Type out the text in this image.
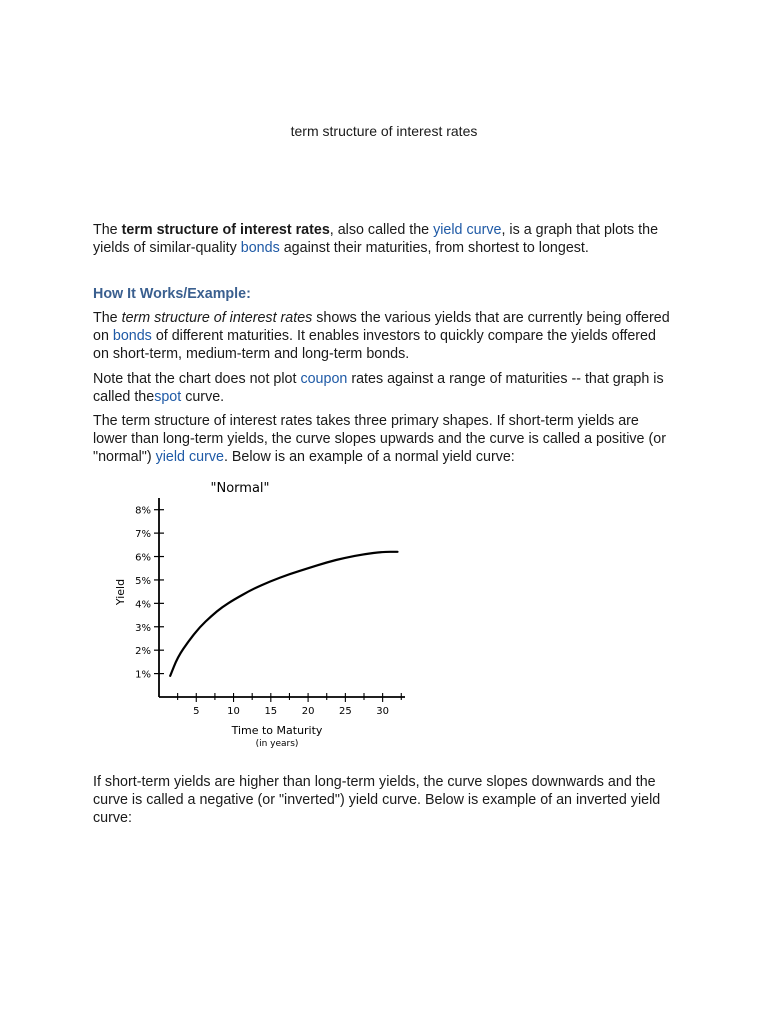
term structure of interest rates

The term structure of interest rates, also called the yield curve, is a graph that plots the yields of similar-quality bonds against their maturities, from shortest to longest.

How It Works/Example:

The term structure of interest rates shows the various yields that are currently being offered on bonds of different maturities. It enables investors to quickly compare the yields offered on short-term, medium-term and long-term bonds.

Note that the chart does not plot coupon rates against a range of maturities -- that graph is called thespot curve.

The term structure of interest rates takes three primary shapes. If short-term yields are lower than long-term yields, the curve slopes upwards and the curve is called a positive (or "normal") yield curve. Below is an example of a normal yield curve:

"Normal"
Yield
Time to Maturity
(in years)
1%
2%
3%
4%
5%
6%
7%
8%
5	10 15 20 25 30
If short-term yields are higher than long-term yields, the curve slopes downwards and the curve is called a negative (or "inverted") yield curve. Below is example of an inverted yield curve:
